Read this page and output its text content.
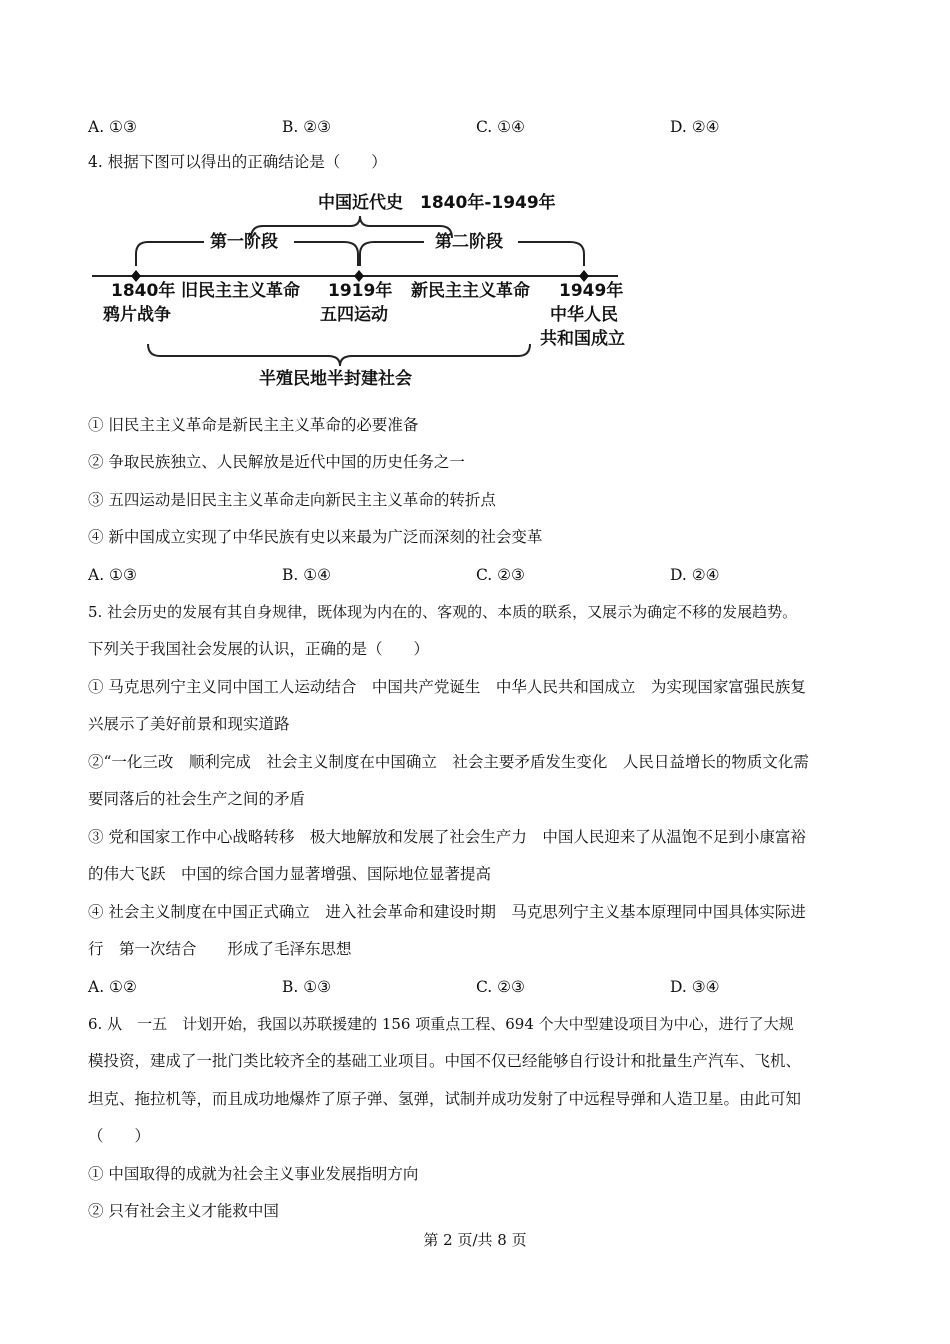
A. ①③	B. ②③	C. ①④	D. ②④
4. 根据下图可以得出的正确结论是（　　）
中国近代史　1840年-1949年
第一阶段	第二阶段
1840年
鸦片战争
旧民主主义革命 1919年
五四运动
新民主主义革命 1949年
中华人民
共和国成立
半殖民地半封建社会
① 旧民主主义革命是新民主主义革命的必要准备
② 争取民族独立、人民解放是近代中国的历史任务之一
③ 五四运动是旧民主主义革命走向新民主主义革命的转折点
④ 新中国成立实现了中华民族有史以来最为广泛而深刻的社会变革
A. ①③	B. ①④	C. ②③	D. ②④
5. 社会历史的发展有其自身规律，既体现为内在的、客观的、本质的联系，又展示为确定不移的发展趋势。
下列关于我国社会发展的认识，正确的是（　　）
① 马克思列宁主义同中国工人运动结合　中国共产党诞生　中华人民共和国成立　为实现国家富强民族复
兴展示了美好前景和现实道路
②“一化三改　顺利完成　社会主义制度在中国确立　社会主要矛盾发生变化　人民日益增长的物质文化需
要同落后的社会生产之间的矛盾
③ 党和国家工作中心战略转移　极大地解放和发展了社会生产力　中国人民迎来了从温饱不足到小康富裕
的伟大飞跃　中国的综合国力显著增强、国际地位显著提高
④ 社会主义制度在中国正式确立　进入社会革命和建设时期　马克思列宁主义基本原理同中国具体实际进
行　第一次结合　　形成了毛泽东思想
A. ①②	B. ①③	C. ②③	D. ③④
6. 从　一五　计划开始，我国以苏联援建的 156 项重点工程、694 个大中型建设项目为中心，进行了大规
模投资，建成了一批门类比较齐全的基础工业项目。中国不仅已经能够自行设计和批量生产汽车、飞机、
坦克、拖拉机等，而且成功地爆炸了原子弹、氢弹，试制并成功发射了中远程导弹和人造卫星。由此可知
（　　）
① 中国取得的成就为社会主义事业发展指明方向
② 只有社会主义才能救中国
第 2 页/共 8 页
